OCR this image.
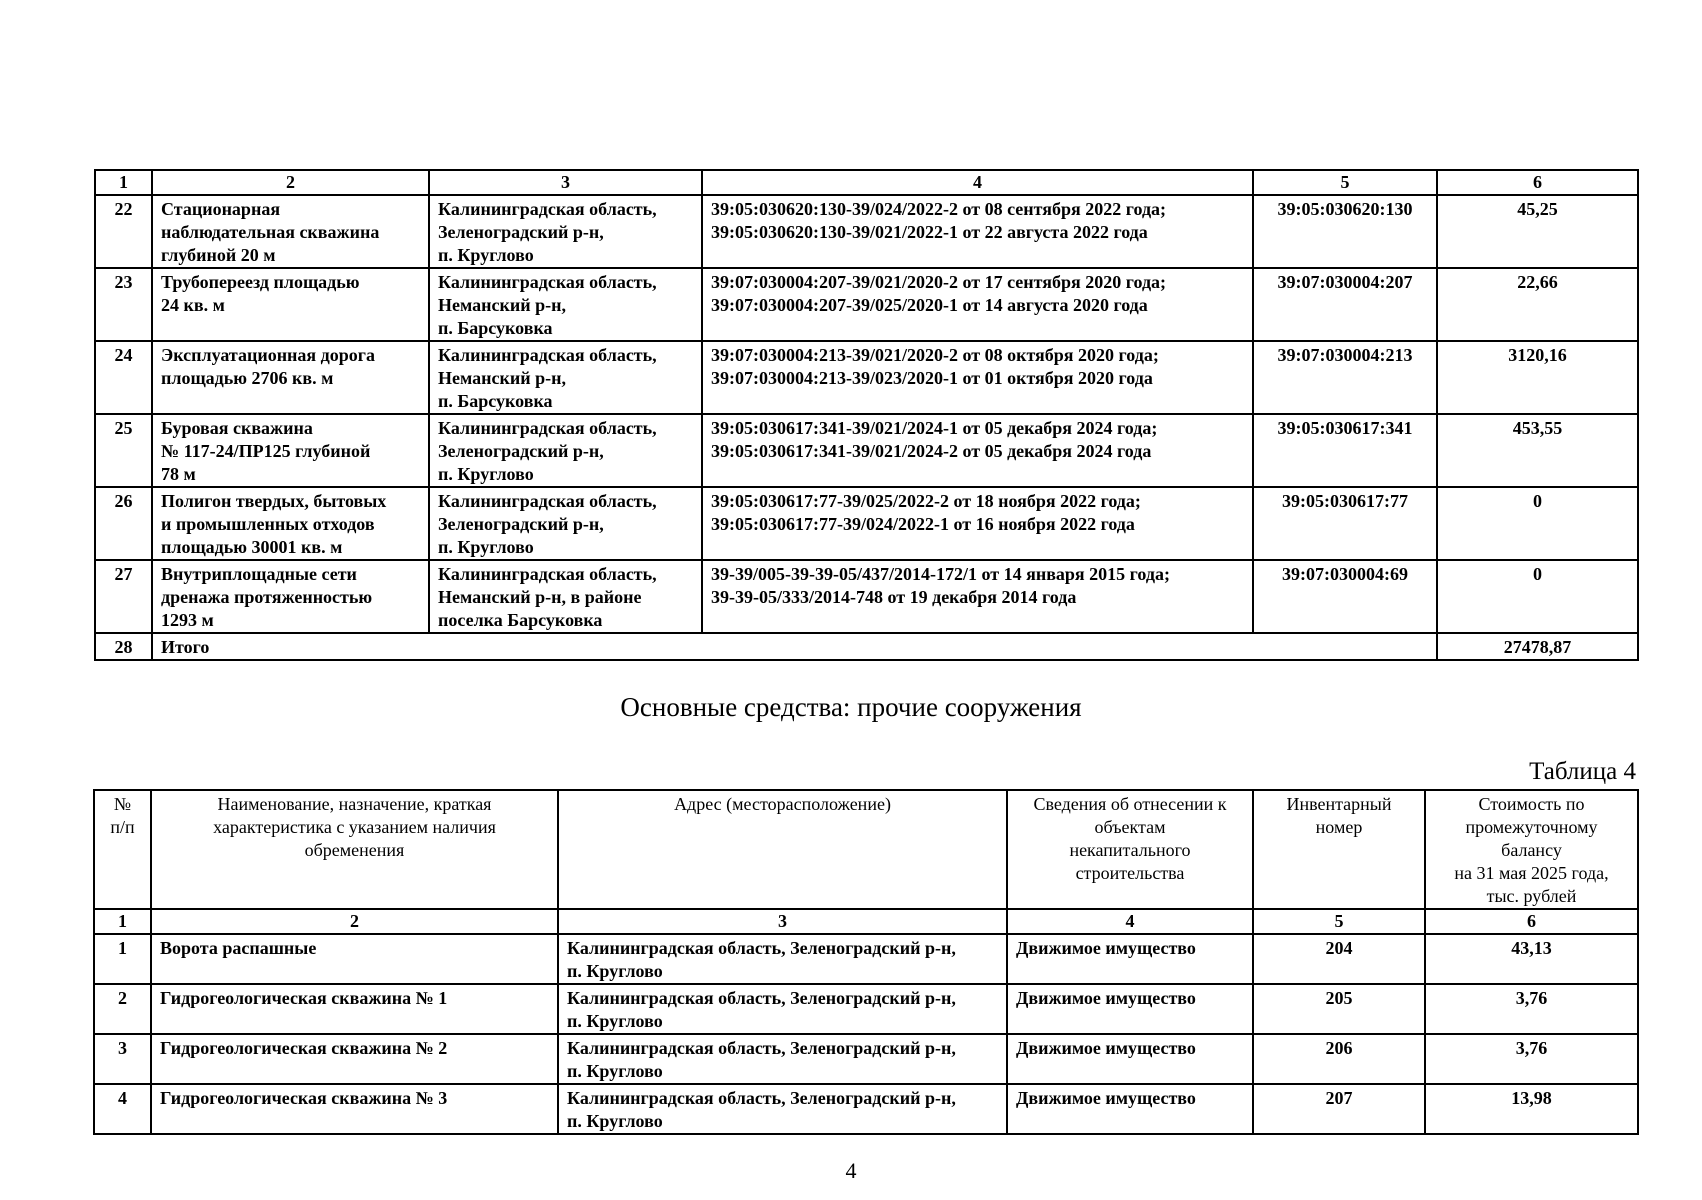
1	2	3	4	5	6
22	Стационарная
наблюдательная скважина
глубиной 20 м	Калининградская область,
Зеленоградский р-н,
п. Круглово	39:05:030620:130-39/024/2022-2 от 08 сентября 2022 года;
39:05:030620:130-39/021/2022-1 от 22 августа 2022 года	39:05:030620:130	45,25
23	Трубопереезд площадью
24 кв. м	Калининградская область,
Неманский р-н,
п. Барсуковка	39:07:030004:207-39/021/2020-2 от 17 сентября 2020 года;
39:07:030004:207-39/025/2020-1 от 14 августа 2020 года	39:07:030004:207	22,66
24	Эксплуатационная дорога
площадью 2706 кв. м	Калининградская область,
Неманский р-н,
п. Барсуковка	39:07:030004:213-39/021/2020-2 от 08 октября 2020 года;
39:07:030004:213-39/023/2020-1 от 01 октября 2020 года	39:07:030004:213	3120,16
25	Буровая скважина
№ 117-24/ПР125 глубиной
78 м	Калининградская область,
Зеленоградский р-н,
п. Круглово	39:05:030617:341-39/021/2024-1 от 05 декабря 2024 года;
39:05:030617:341-39/021/2024-2 от 05 декабря 2024 года	39:05:030617:341	453,55
26	Полигон твердых, бытовых
и промышленных отходов
площадью 30001 кв. м	Калининградская область,
Зеленоградский р-н,
п. Круглово	39:05:030617:77-39/025/2022-2 от 18 ноября 2022 года;
39:05:030617:77-39/024/2022-1 от 16 ноября 2022 года	39:05:030617:77	0
27	Внутриплощадные сети
дренажа протяженностью
1293 м	Калининградская область,
Неманский р-н, в районе
поселка Барсуковка	39-39/005-39-39-05/437/2014-172/1 от 14 января 2015 года;
39-39-05/333/2014-748 от 19 декабря 2014 года	39:07:030004:69	0
28	Итого				27478,87
Основные средства: прочие сооружения
Таблица 4
№
п/п	Наименование, назначение, краткая
характеристика с указанием наличия
обременения	Адрес (месторасположение)	Сведения об отнесении к
объектам
некапитального
строительства	Инвентарный
номер	Стоимость по
промежуточному
балансу
на 31 мая 2025 года,
тыс. рублей

1	2	3	4	5	6
1	Ворота распашные	Калининградская область, Зеленоградский р-н,
п. Круглово	Движимое имущество	204	43,13
2	Гидрогеологическая скважина № 1	Калининградская область, Зеленоградский р-н,
п. Круглово	Движимое имущество	205	3,76
3	Гидрогеологическая скважина № 2	Калининградская область, Зеленоградский р-н,
п. Круглово	Движимое имущество	206	3,76
4	Гидрогеологическая скважина № 3	Калининградская область, Зеленоградский р-н,
п. Круглово	Движимое имущество	207	13,98
4
